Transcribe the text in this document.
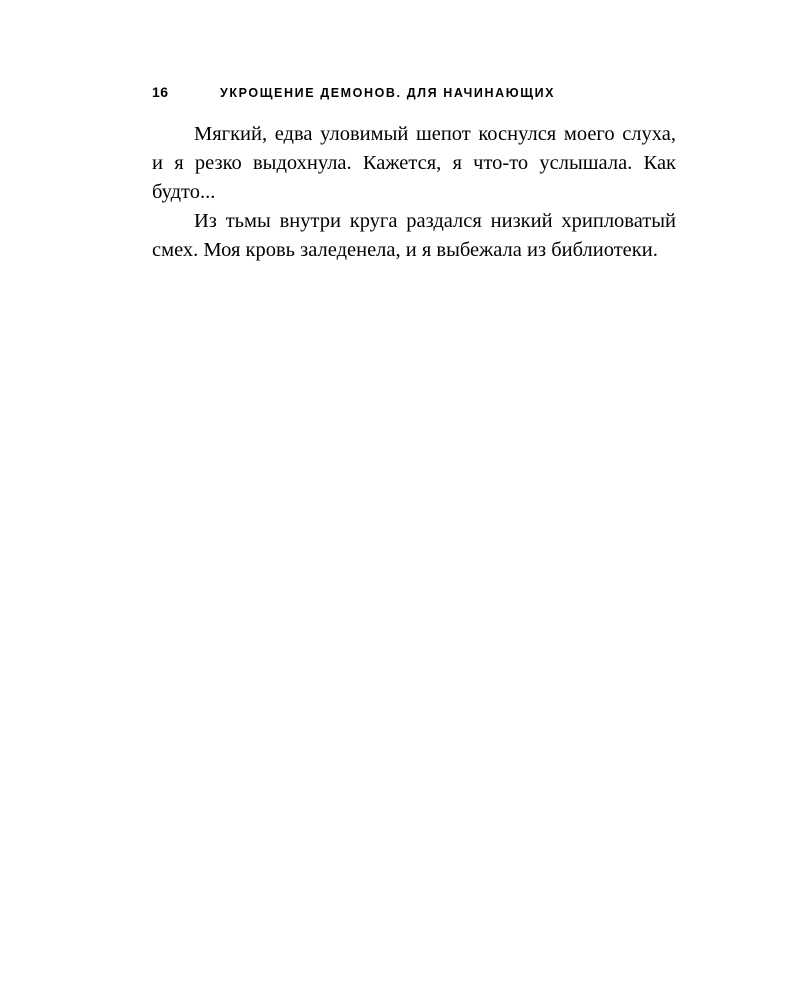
16	УКРОЩЕНИЕ ДЕМОНОВ. ДЛЯ НАЧИНАЮЩИХ

Мягкий, едва уловимый шепот коснулся моего слуха, и я резко выдохнула. Кажется, я что-то услышала. Как будто...

Из тьмы внутри круга раздался низкий хрипловатый смех. Моя кровь заледенела, и я выбежала из библиотеки.
